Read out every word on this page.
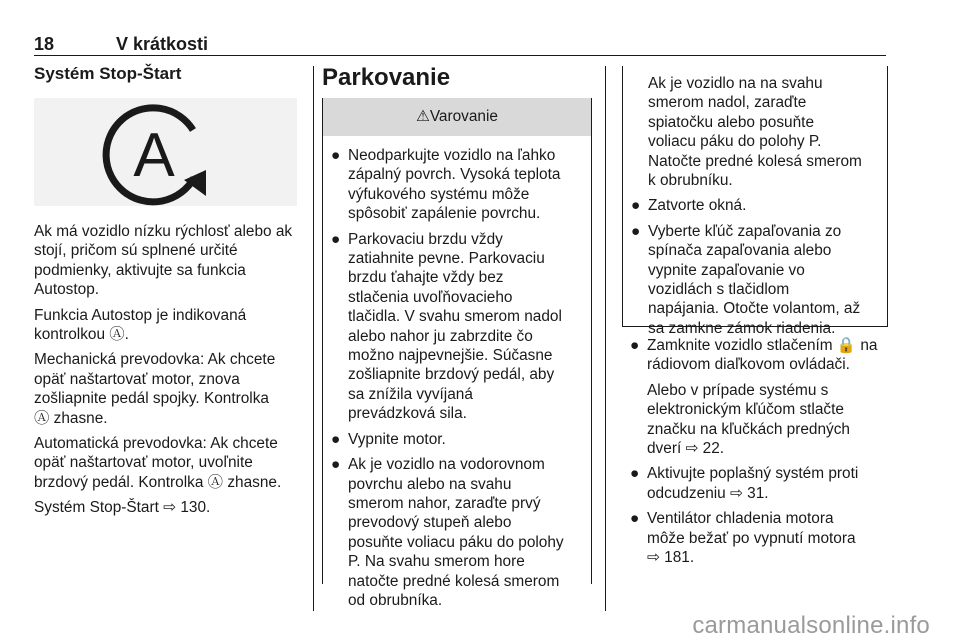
18	V krátkosti
Systém Stop-Štart
A

Ak má vozidlo nízku rýchlosť alebo ak
stojí, pričom sú splnené určité
podmienky, aktivujte sa funkcia
Autostop.

Funkcia Autostop je indikovaná
kontrolkou Ⓐ.

Mechanická prevodovka: Ak chcete
opäť naštartovať motor, znova
zošliapnite pedál spojky. Kontrolka
Ⓐ zhasne.

Automatická prevodovka: Ak chcete
opäť naštartovať motor, uvoľnite
brzdový pedál. Kontrolka Ⓐ zhasne.

Systém Stop-Štart ⇨ 130.

Parkovanie
⚠Varovanie
● Neodparkujte vozidlo na ľahko
zápalný povrch. Vysoká teplota
výfukového systému môže
spôsobiť zapálenie povrchu.
● Parkovaciu brzdu vždy
zatiahnite pevne. Parkovaciu
brzdu ťahajte vždy bez
stlačenia uvoľňovacieho
tlačidla. V svahu smerom nadol
alebo nahor ju zabrzdite čo
možno najpevnejšie. Súčasne
zošliapnite brzdový pedál, aby
sa znížila vyvíjaná
prevádzková sila.
● Vypnite motor.
● Ak je vozidlo na vodorovnom
povrchu alebo na svahu
smerom nahor, zaraďte prvý
prevodový stupeň alebo
posuňte voliacu páku do polohy
P. Na svahu smerom hore
natočte predné kolesá smerom
od obrubníka.
Ak je vozidlo na na svahu
smerom nadol, zaraďte
spiatočku alebo posuňte
voliacu páku do polohy P.
Natočte predné kolesá smerom
k obrubníku.
● Zatvorte okná.
● Vyberte kľúč zapaľovania zo
spínača zapaľovania alebo
vypnite zapaľovanie vo
vozidlách s tlačidlom
napájania. Otočte volantom, až
sa zamkne zámok riadenia.
● Zamknite vozidlo stlačením 🔒 na
rádiovom diaľkovom ovládači.
Alebo v prípade systému s
elektronickým kľúčom stlačte
značku na kľučkách predných
dverí ⇨ 22.
● Aktivujte poplašný systém proti
odcudzeniu ⇨ 31.
● Ventilátor chladenia motora
môže bežať po vypnutí motora
⇨ 181.
carmanualsonline.info
